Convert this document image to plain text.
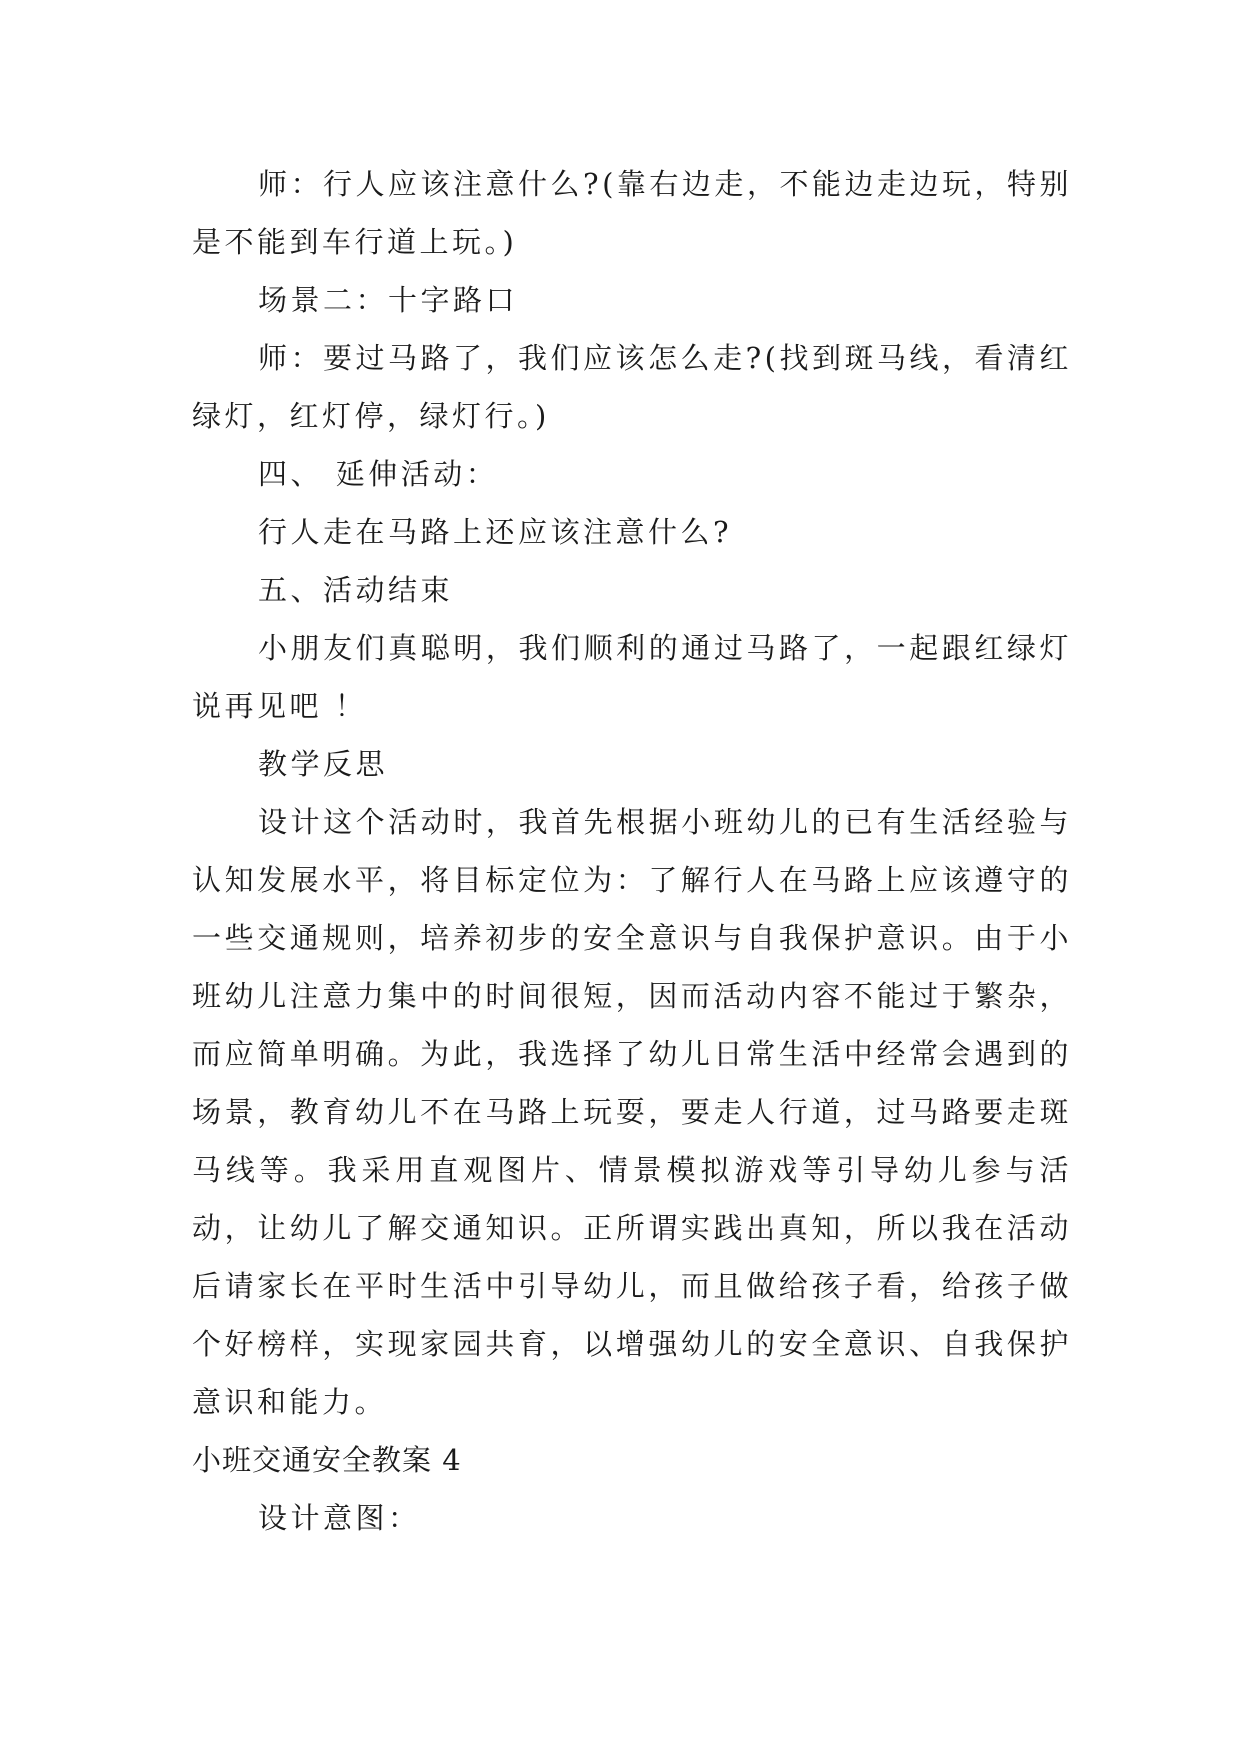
师：行人应该注意什么?(靠右边走，不能边走边玩，特别是不能到车行道上玩。)

场景二：十字路口

师：要过马路了，我们应该怎么走?(找到斑马线，看清红绿灯，红灯停，绿灯行。)

四、 延伸活动：

行人走在马路上还应该注意什么?

五、活动结束

小朋友们真聪明，我们顺利的通过马路了，一起跟红绿灯说再见吧 ！

教学反思

设计这个活动时，我首先根据小班幼儿的已有生活经验与认知发展水平，将目标定位为：了解行人在马路上应该遵守的一些交通规则，培养初步的安全意识与自我保护意识。由于小班幼儿注意力集中的时间很短，因而活动内容不能过于繁杂，而应简单明确。为此，我选择了幼儿日常生活中经常会遇到的场景，教育幼儿不在马路上玩耍，要走人行道，过马路要走斑马线等。我采用直观图片、情景模拟游戏等引导幼儿参与活动，让幼儿了解交通知识。正所谓实践出真知，所以我在活动后请家长在平时生活中引导幼儿，而且做给孩子看，给孩子做个好榜样，实现家园共育，以增强幼儿的安全意识、自我保护意识和能力。

小班交通安全教案 4

设计意图：
